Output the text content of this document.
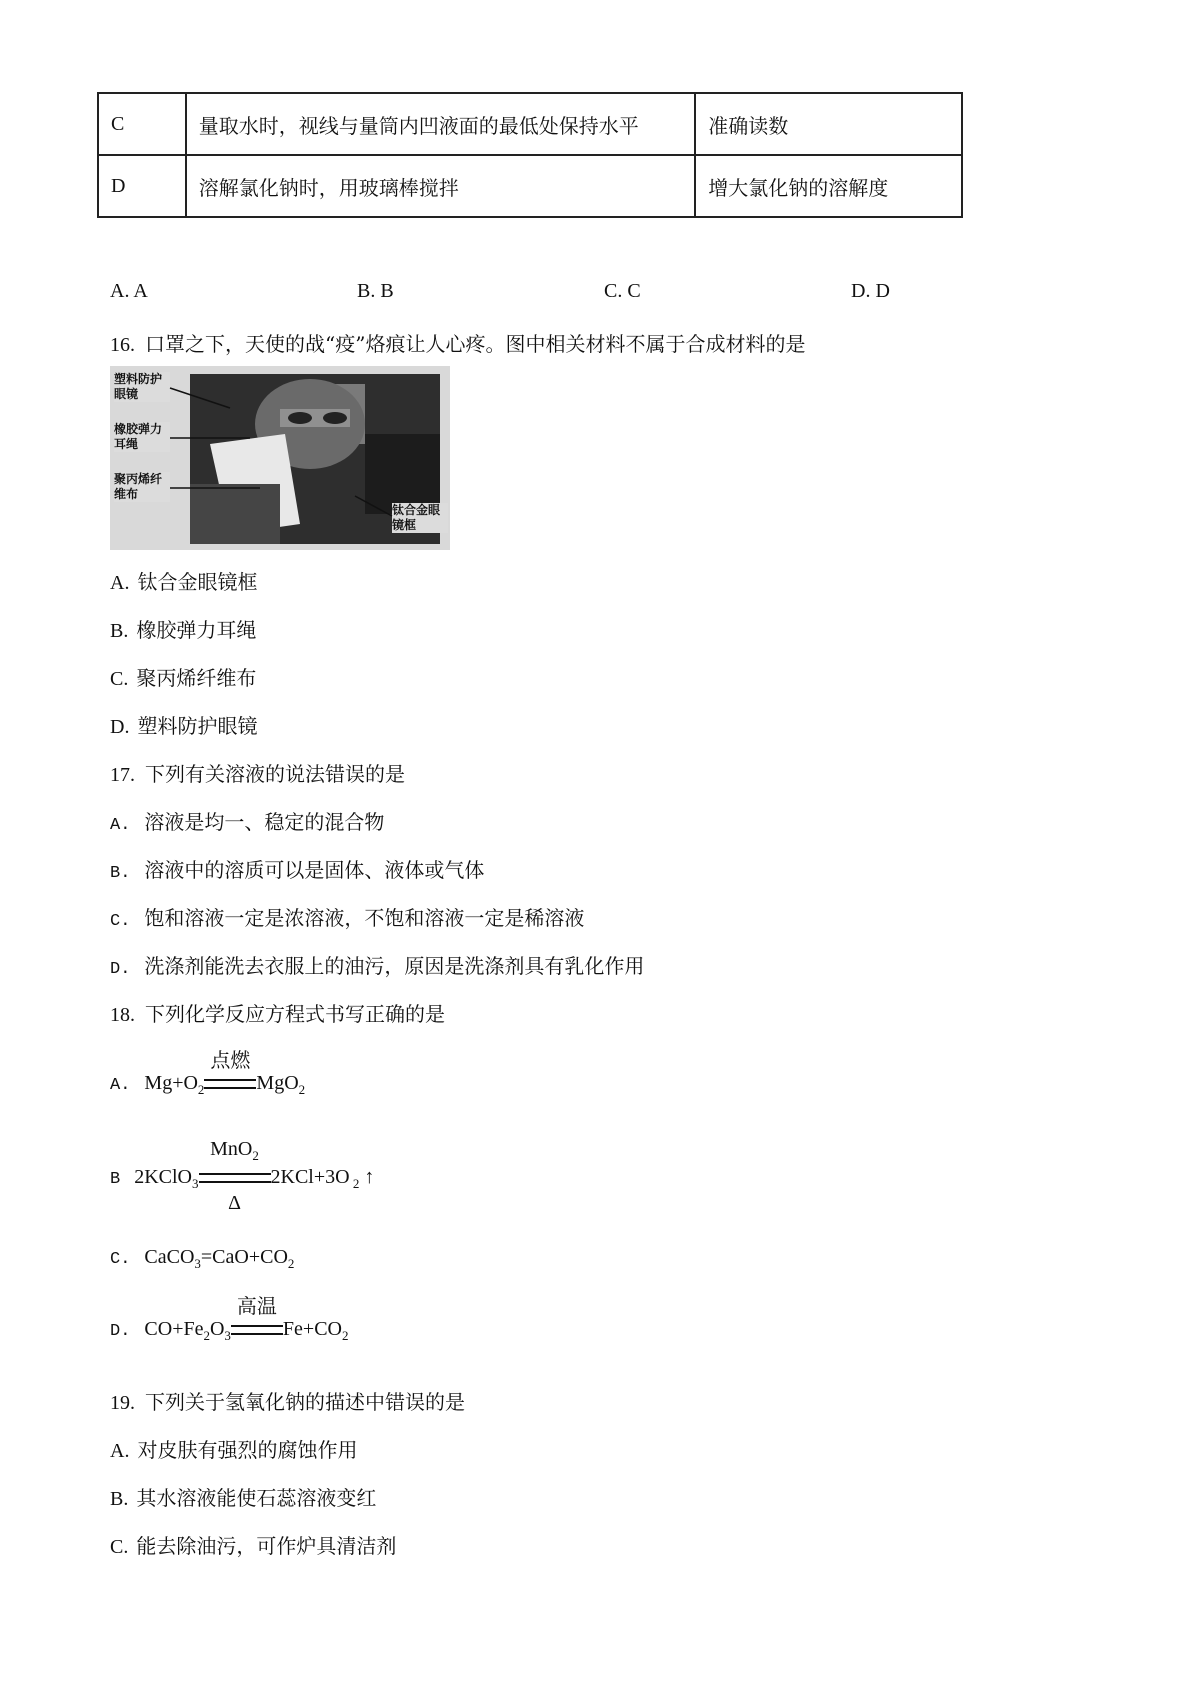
C	量取水时，视线与量筒内凹液面的最低处保持水平	准确读数
D	溶解氯化钠时，用玻璃棒搅拌	增大氯化钠的溶解度
A. A	B. B	C. C	D. D
16. 口罩之下，天使的战“疫”烙痕让人心疼。图中相关材料不属于合成材料的是
塑料防护眼镜
橡胶弹力耳绳
聚丙烯纤维布
钛合金眼镜框
A. 钛合金眼镜框
B. 橡胶弹力耳绳
C. 聚丙烯纤维布
D. 塑料防护眼镜
17. 下列有关溶液的说法错误的是
A. 溶液是均一、稳定的混合物
B. 溶液中的溶质可以是固体、液体或气体
C. 饱和溶液一定是浓溶液，不饱和溶液一定是稀溶液
D. 洗涤剂能洗去衣服上的油污，原因是洗涤剂具有乳化作用
18. 下列化学反应方程式书写正确的是
A. $Mg+O_2$
点燃
MgO$_2$
B 2KClO$_3$
MnO$_2$
Δ
2KCl+3O $_2$ ↑
C. $CaCO_3=CaO+CO_2$
D. $CO+Fe_2O_3$
高温
$Fe+CO_2$
19. 下列关于氢氧化钠的描述中错误的是
A. 对皮肤有强烈的腐蚀作用
B. 其水溶液能使石蕊溶液变红
C. 能去除油污，可作炉具清洁剂
